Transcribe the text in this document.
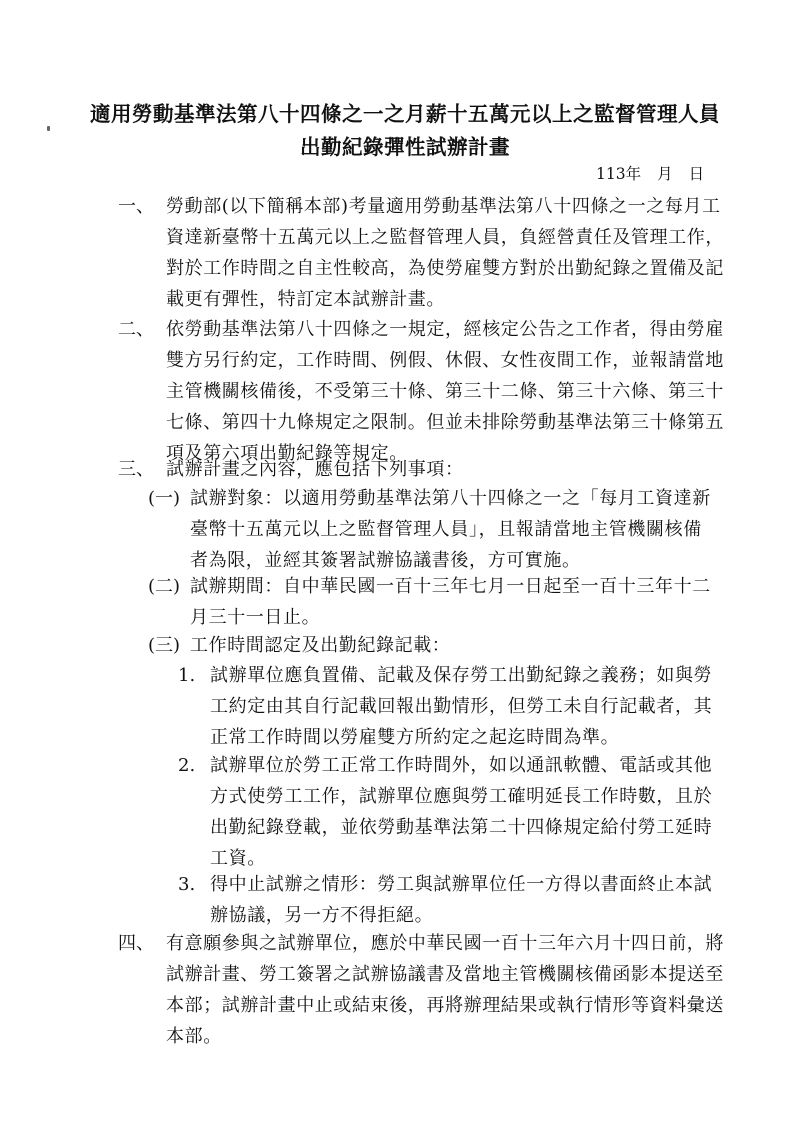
適用勞動基準法第八十四條之一之月薪十五萬元以上之監督管理人員
出勤紀錄彈性試辦計畫
113年 月 日
一、 勞動部(以下簡稱本部)考量適用勞動基準法第八十四條之一之每月工
資達新臺幣十五萬元以上之監督管理人員，負經營責任及管理工作，
對於工作時間之自主性較高，為使勞雇雙方對於出勤紀錄之置備及記
載更有彈性，特訂定本試辦計畫。
二、 依勞動基準法第八十四條之一規定，經核定公告之工作者，得由勞雇
雙方另行約定，工作時間、例假、休假、女性夜間工作，並報請當地
主管機關核備後，不受第三十條、第三十二條、第三十六條、第三十
七條、第四十九條規定之限制。但並未排除勞動基準法第三十條第五
項及第六項出勤紀錄等規定。
三、 試辦計畫之內容，應包括下列事項：
(一) 試辦對象：以適用勞動基準法第八十四條之一之「每月工資達新
臺幣十五萬元以上之監督管理人員」，且報請當地主管機關核備
者為限，並經其簽署試辦協議書後，方可實施。
(二) 試辦期間：自中華民國一百十三年七月一日起至一百十三年十二
月三十一日止。
(三) 工作時間認定及出勤紀錄記載：
1. 試辦單位應負置備、記載及保存勞工出勤紀錄之義務；如與勞
工約定由其自行記載回報出勤情形，但勞工未自行記載者，其
正常工作時間以勞雇雙方所約定之起迄時間為準。
2. 試辦單位於勞工正常工作時間外，如以通訊軟體、電話或其他
方式使勞工工作，試辦單位應與勞工確明延長工作時數，且於
出勤紀錄登載，並依勞動基準法第二十四條規定給付勞工延時
工資。
3. 得中止試辦之情形：勞工與試辦單位任一方得以書面終止本試
辦協議，另一方不得拒絕。
四、 有意願參與之試辦單位，應於中華民國一百十三年六月十四日前，將
試辦計畫、勞工簽署之試辦協議書及當地主管機關核備函影本提送至
本部；試辦計畫中止或結束後，再將辦理結果或執行情形等資料彙送
本部。
